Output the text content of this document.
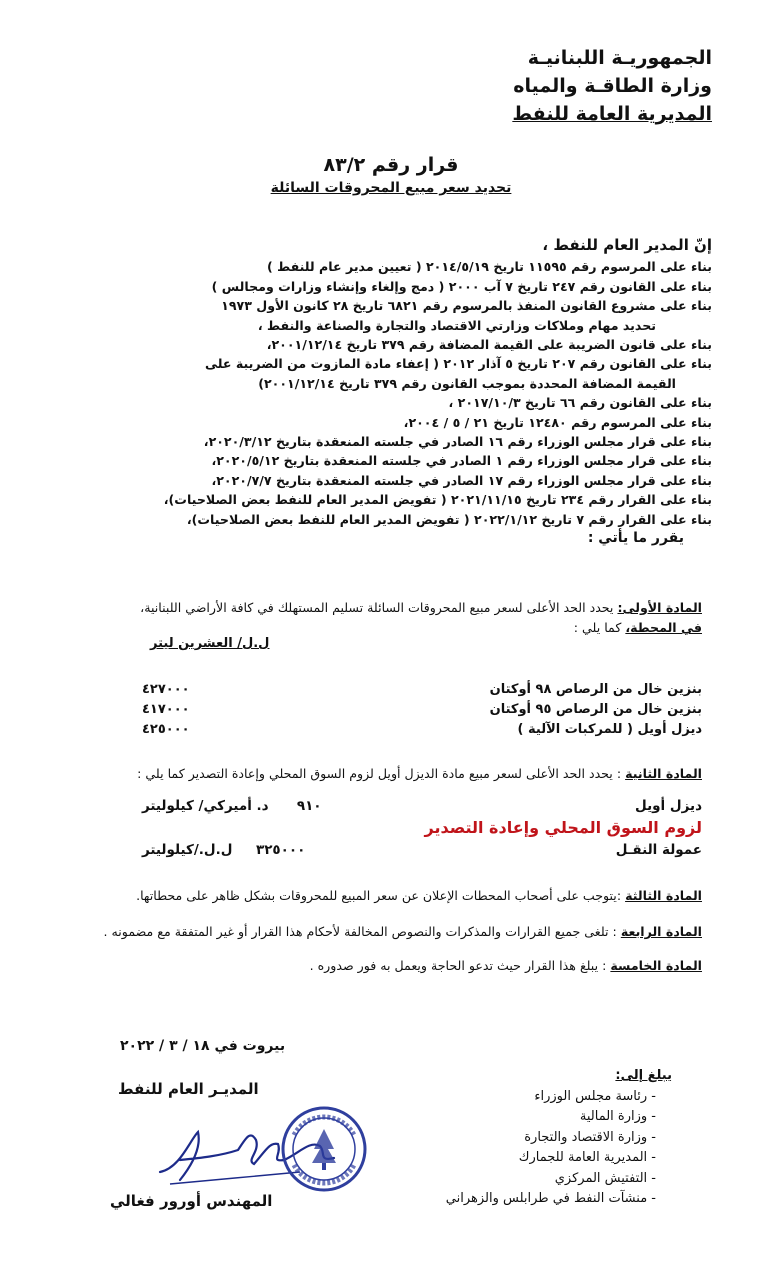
الجمهوريـة اللبنانيـة
وزارة الطاقـة والمياه
المديرية العامة للنفط
قرار رقم ٨٣/٢
تحديد سعر مبيع المحروقات السائلة
إنّ المدير العام للنفط ،
بناء على المرسوم رقم ١١٥٩٥ تاريخ ٢٠١٤/٥/١٩ ( تعيين مدير عام للنفط )
بناء على القانون رقم ٢٤٧ تاريخ ٧ آب ٢٠٠٠ ( دمج وإلغاء وإنشاء وزارات ومجالس )
بناء على مشروع القانون المنفذ بالمرسوم رقم ٦٨٢١ تاريخ ٢٨ كانون الأول ١٩٧٣
تحديد مهام وملاكات وزارتي الاقتصاد والتجارة والصناعة والنفط ،
بناء على قانون الضريبة على القيمة المضافة رقم ٣٧٩ تاريخ ٢٠٠١/١٢/١٤،
بناء على القانون رقم ٢٠٧ تاريخ ٥ آذار ٢٠١٢ ( إعفاء مادة المازوت من الضريبة على
القيمة المضافة المحددة بموجب القانون رقم ٣٧٩ تاريخ ٢٠٠١/١٢/١٤)
بناء على القانون رقم ٦٦ تاريخ ٢٠١٧/١٠/٣ ،
بناء على المرسوم رقم ١٢٤٨٠ تاريخ ٢١ / ٥ / ٢٠٠٤،
بناء على قرار مجلس الوزراء رقم ١٦ الصادر في جلسته المنعقدة بتاريخ ٢٠٢٠/٣/١٢،
بناء على قرار مجلس الوزراء رقم ١ الصادر في جلسته المنعقدة بتاريخ ٢٠٢٠/٥/١٢،
بناء على قرار مجلس الوزراء رقم ١٧ الصادر في جلسته المنعقدة بتاريخ ٢٠٢٠/٧/٧،
بناء على القرار رقم ٢٣٤ تاريخ ٢٠٢١/١١/١٥ ( تفويض المدير العام للنفط بعض الصلاحيات)،
بناء على القرار رقم ٧ تاريخ ٢٠٢٢/١/١٢ ( تفويض المدير العام للنفط بعض الصلاحيات)،
يقرر ما يأتي :
المادة الأولى: يحدد الحد الأعلى لسعر مبيع المحروقات السائلة تسليم المستهلك في كافة الأراضي اللبنانية،
في المحطة، كما يلي :
ل.ل/ العشرين ليتر
بنزين خال من الرصاص ٩٨ أوكتان
٤٢٧٠٠٠
بنزين خال من الرصاص ٩٥ أوكتان
٤١٧٠٠٠
ديزل أويل ( للمركبات الآلية )
٤٢٥٠٠٠
المادة الثانية : يحدد الحد الأعلى لسعر مبيع مادة الديزل أويل لزوم السوق المحلي وإعادة التصدير كما يلي :
ديزل أويل
٩١٠      د. أميركي/ كيلوليتر
لزوم السوق المحلي وإعادة التصدير
عمولة النقـل
٣٢٥٠٠٠     ل.ل./كيلوليتر
المادة الثالثة :يتوجب على أصحاب المحطات الإعلان عن سعر المبيع للمحروقات بشكل ظاهر على محطاتها.
المادة الرابعة : تلغى جميع القرارات والمذكرات والنصوص المخالفة لأحكام هذا القرار أو غير المتفقة مع مضمونه .
المادة الخامسة : يبلغ هذا القرار حيث تدعو الحاجة ويعمل به فور صدوره .
بيروت في ١٨ / ٣ / ٢٠٢٢
المديـر العام للنفط
المهندس أورور فغالي
يبلغ إلى:
- رئاسة مجلس الوزراء
- وزارة المالية
- وزارة الاقتصاد والتجارة
- المديرية العامة للجمارك
- التفتيش المركزي
- منشآت النفط في طرابلس والزهراني
